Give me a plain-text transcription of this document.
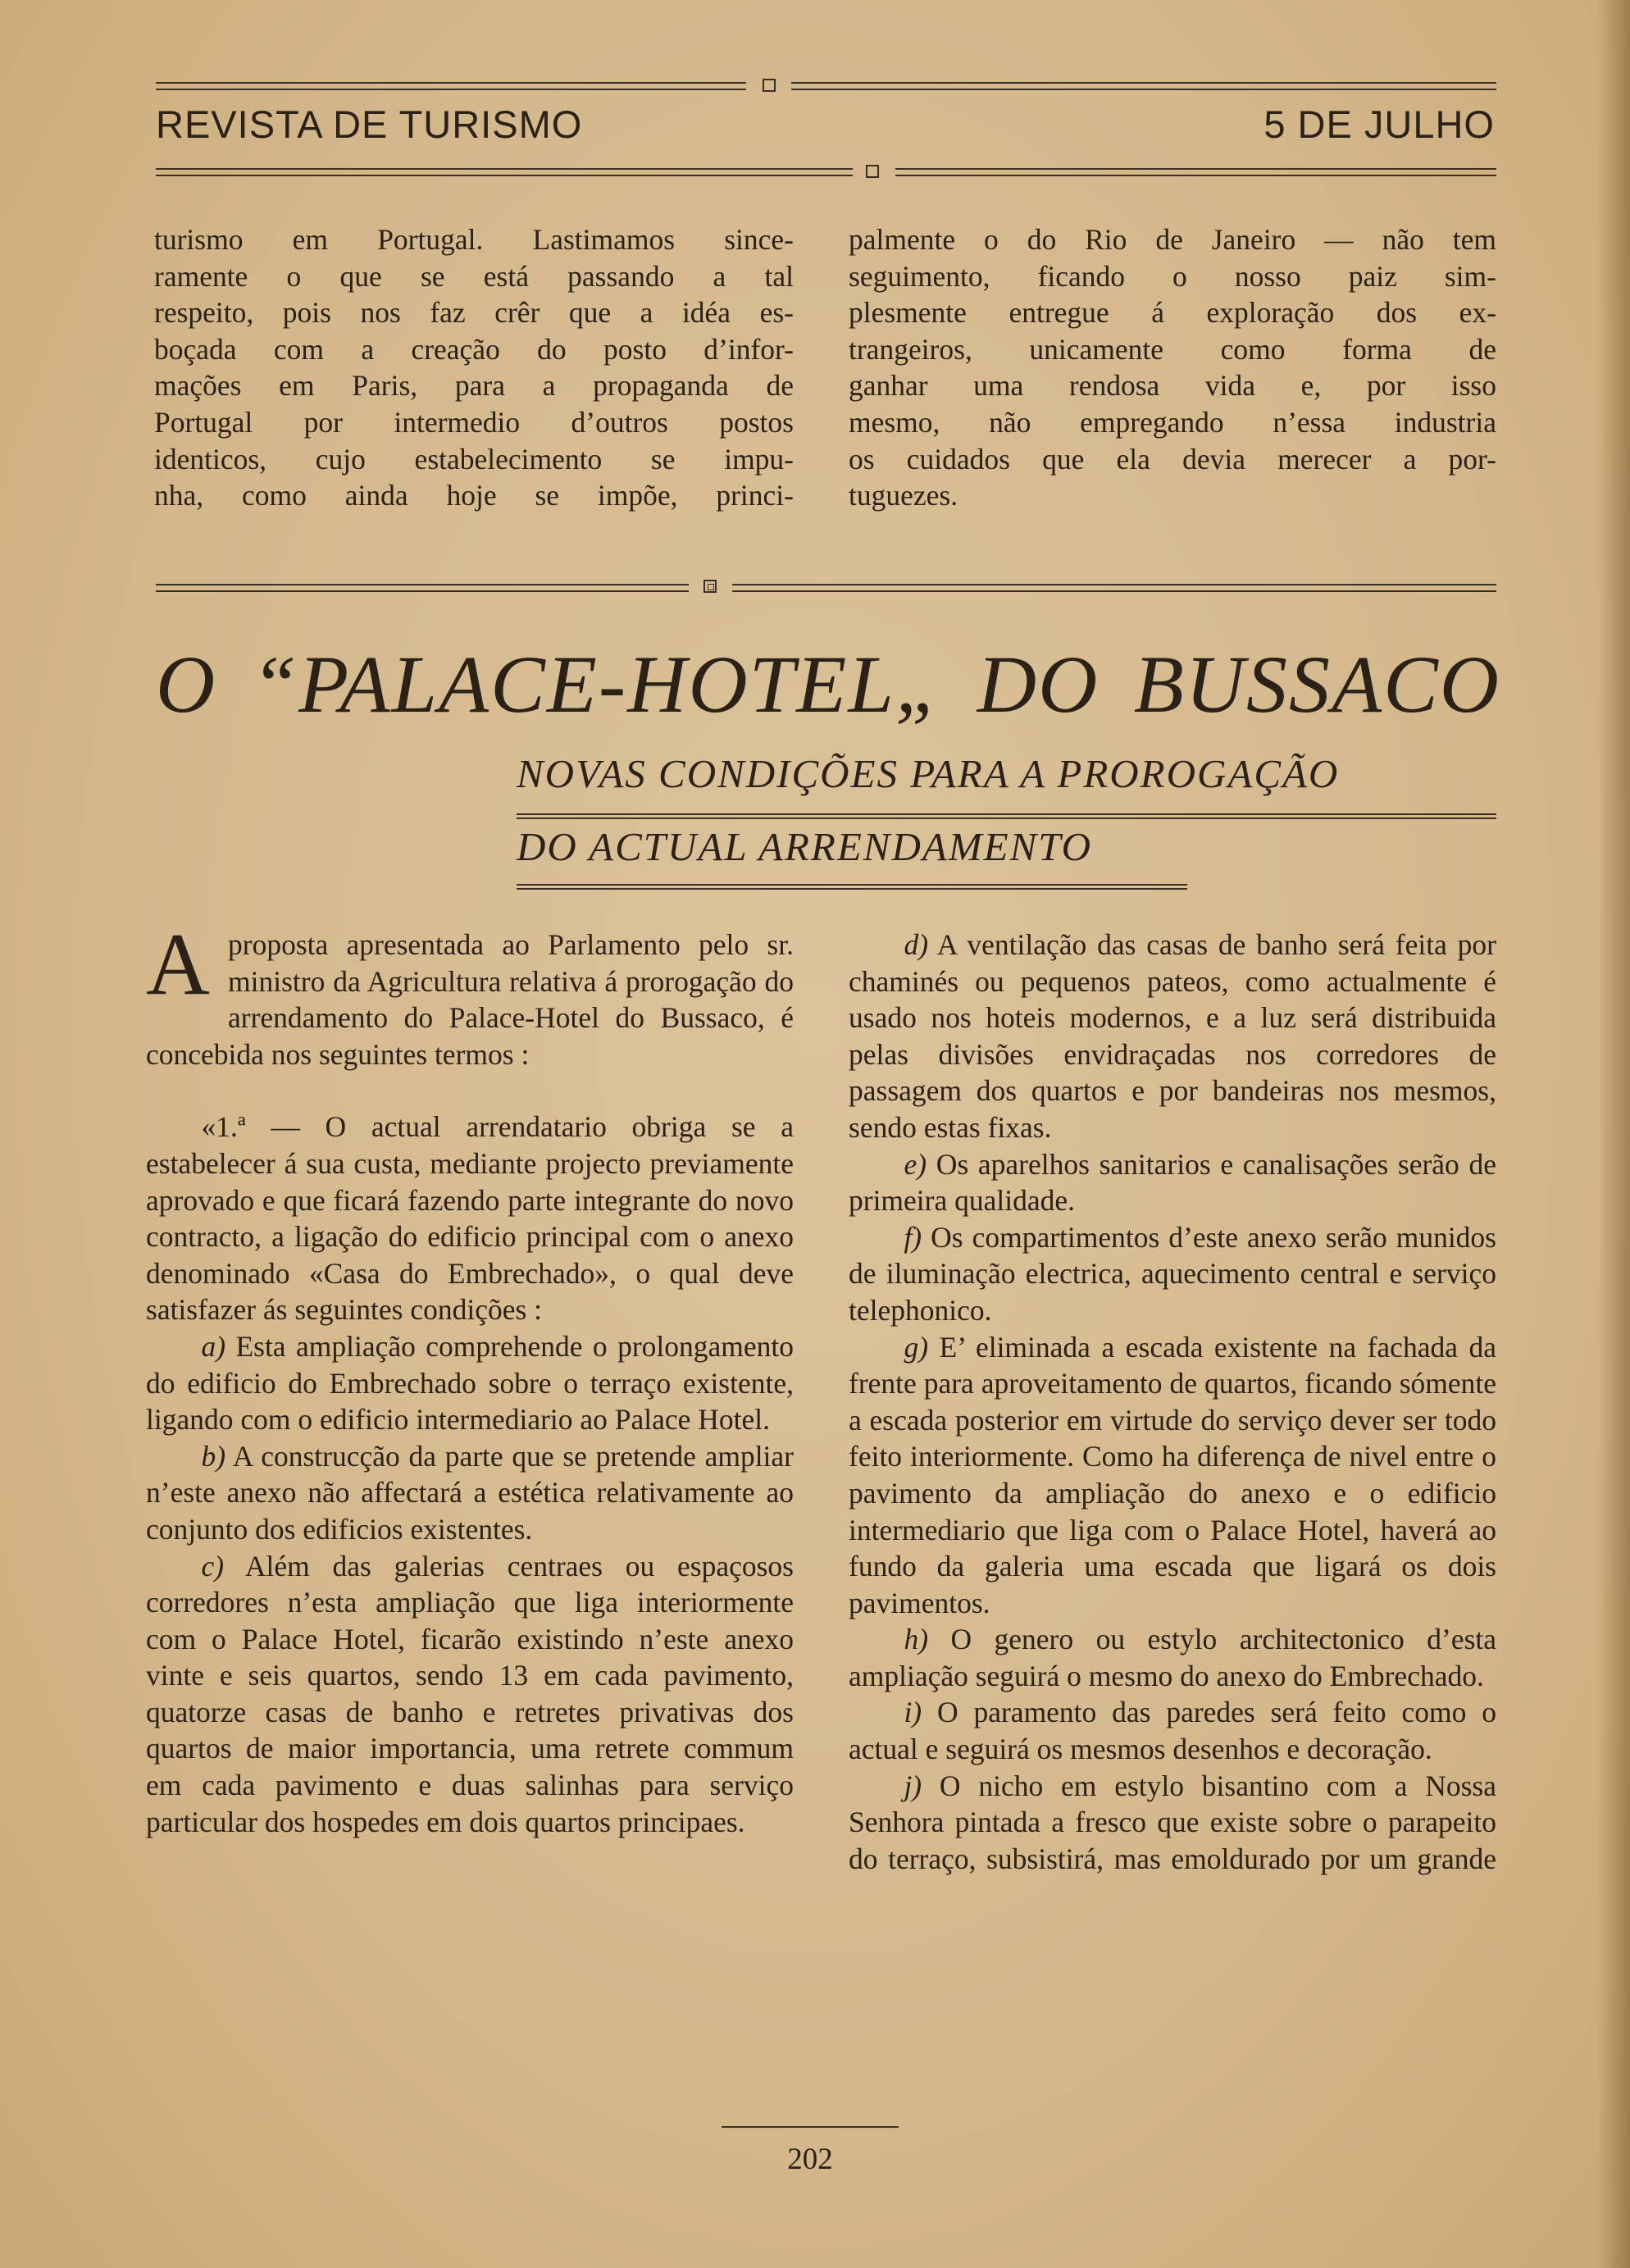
REVISTA DE TURISMO	5 DE JULHO

turismo em Portugal. Lastimamos since-

ramente o que se está passando a tal

respeito, pois nos faz crêr que a idéa es-

boçada com a creação do posto d’infor-

mações em Paris, para a propaganda de

Portugal por intermedio d’outros postos

identicos, cujo estabelecimento se impu-

nha, como ainda hoje se impõe, princi-

palmente o do Rio de Janeiro — não tem

seguimento, ficando o nosso paiz sim-

plesmente entregue á exploração dos ex-

trangeiros, unicamente como forma de

ganhar uma rendosa vida e, por isso

mesmo, não empregando n’essa industria

os cuidados que ela devia merecer a por-

tuguezes.

O “PALACE-HOTEL„ DO BUSSACO
NOVAS CONDIÇÕES PARA A PROROGAÇÃO
DO ACTUAL ARRENDAMENTO

Aproposta apresentada ao Parlamento pelo sr. ministro da Agricultura relativa á prorogação do arrendamento do Palace-Hotel do Bussaco, é concebida nos seguintes termos :

«1.ª — O actual arrendatario obriga se a estabelecer á sua custa, mediante projecto previamente aprovado e que ficará fazendo parte integrante do novo contracto, a ligação do edificio principal com o anexo denominado «Casa do Embrechado», o qual deve satisfazer ás seguintes condições :

a) Esta ampliação comprehende o prolongamento do edificio do Embrechado sobre o terraço existente, ligando com o edificio intermediario ao Palace Hotel.

b) A construcção da parte que se pretende ampliar n’este anexo não affectará a estética relativamente ao conjunto dos edificios existentes.

c) Além das galerias centraes ou espaçosos corredores n’esta ampliação que liga interiormente com o Palace Hotel, ficarão existindo n’este anexo vinte e seis quartos, sendo 13 em cada pavimento, quatorze casas de banho e retretes privativas dos quartos de maior importancia, uma retrete commum em cada pavimento e duas salinhas para serviço particular dos hospedes em dois quartos principaes.

d) A ventilação das casas de banho será feita por chaminés ou pequenos pateos, como actualmente é usado nos hoteis modernos, e a luz será distribuida pelas divisões envidraçadas nos corredores de passagem dos quartos e por bandeiras nos mesmos, sendo estas fixas.

e) Os aparelhos sanitarios e canalisações serão de primeira qualidade.

f) Os compartimentos d’este anexo serão munidos de iluminação electrica, aquecimento central e serviço telephonico.

g) E’ eliminada a escada existente na fachada da frente para aproveitamento de quartos, ficando sómente a escada posterior em virtude do serviço dever ser todo feito interiormente. Como ha diferença de nivel entre o pavimento da ampliação do anexo e o edificio intermediario que liga com o Palace Hotel, haverá ao fundo da galeria uma escada que ligará os dois pavimentos.

h) O genero ou estylo architectonico d’esta ampliação seguirá o mesmo do anexo do Embrechado.

i) O paramento das paredes será feito como o actual e seguirá os mesmos desenhos e decoração.

j) O nicho em estylo bisantino com a Nossa Senhora pintada a fresco que existe sobre o parapeito do terraço, subsistirá, mas emoldurado por um grande

202
